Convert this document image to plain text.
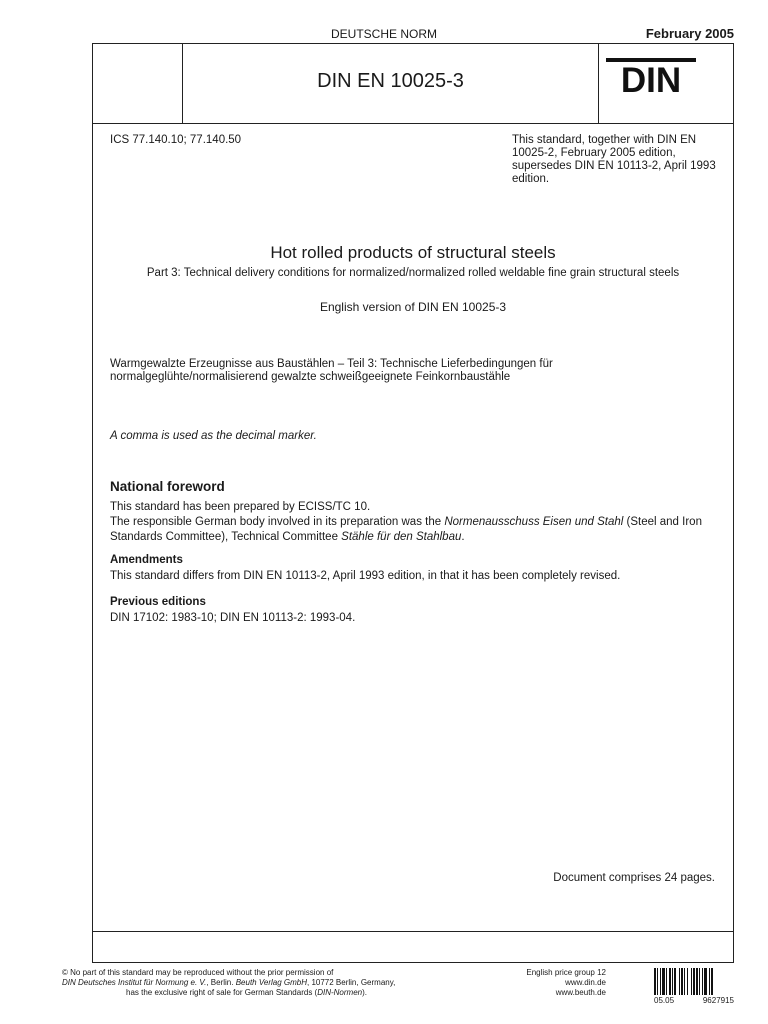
DEUTSCHE NORM	February 2005
DIN EN 10025-3	DIN
ICS 77.140.10; 77.140.50	This standard, together with DIN EN 10025-2, February 2005 edition, supersedes DIN EN 10113-2, April 1993 edition.
Hot rolled products of structural steels
Part 3: Technical delivery conditions for normalized/normalized rolled weldable fine grain structural steels
English version of DIN EN 10025-3
Warmgewalzte Erzeugnisse aus Baustählen – Teil 3: Technische Lieferbedingungen für normalgeglühte/normalisierend gewalzte schweißgeeignete Feinkornbaustähle
A comma is used as the decimal marker.
National foreword
This standard has been prepared by ECISS/TC 10.
The responsible German body involved in its preparation was the Normenausschuss Eisen und Stahl (Steel and Iron Standards Committee), Technical Committee Stähle für den Stahlbau.
Amendments
This standard differs from DIN EN 10113-2, April 1993 edition, in that it has been completely revised.
Previous editions
DIN 17102: 1983-10; DIN EN 10113-2: 1993-04.
Document comprises 24 pages.
© No part of this standard may be reproduced without the prior permission of
DIN Deutsches Institut für Normung e. V., Berlin. Beuth Verlag GmbH, 10772 Berlin, Germany,
has the exclusive right of sale for German Standards (DIN-Normen).
English price group 12
www.din.de
www.beuth.de
05.05	9627915
